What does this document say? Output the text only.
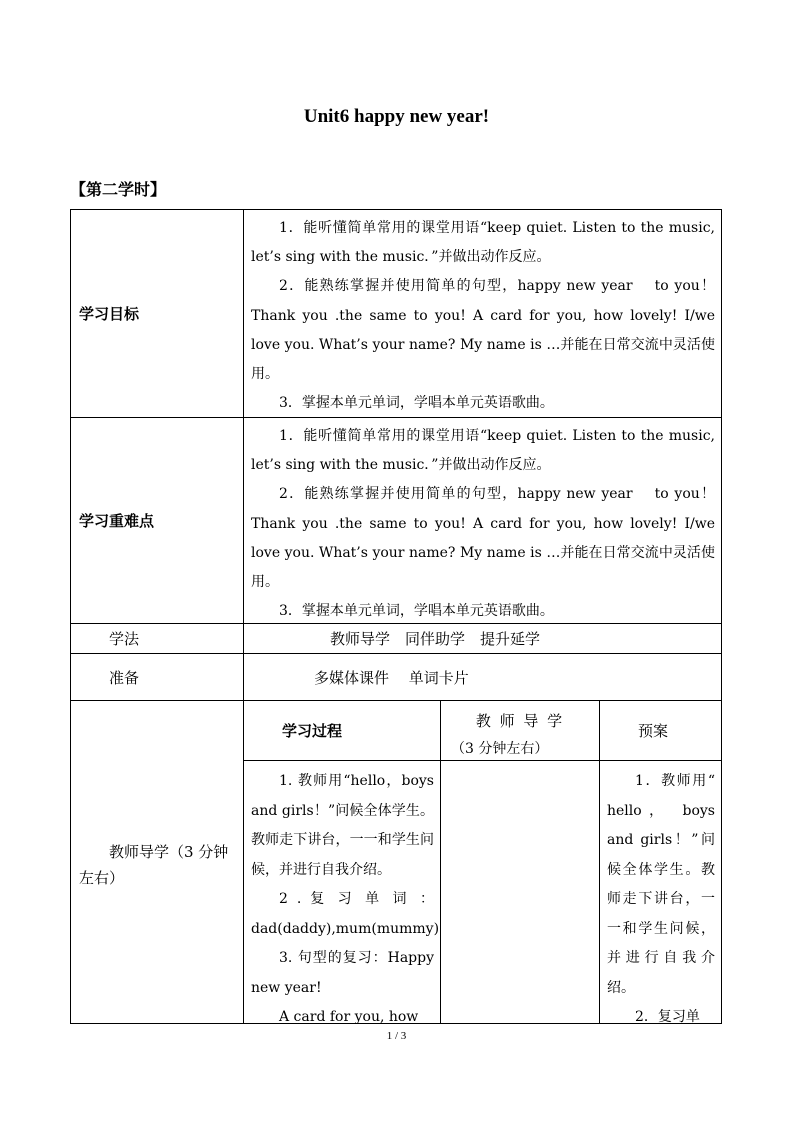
Unit6 happy new year!
【第二学时】
学习目标

1．能听懂简单常用的课堂用语“keep quiet. Listen to the music, let’s sing with the music．”并做出动作反应。

2．能熟练掌握并使用简单的句型，happy new year　 to you！Thank you .the same to you! A card for you, how lovely! I/we love you. What’s your name? My name is …并能在日常交流中灵活使用。

3．掌握本单元单词，学唱本单元英语歌曲。

学习重难点

1．能听懂简单常用的课堂用语“keep quiet. Listen to the music, let’s sing with the music．”并做出动作反应。

2．能熟练掌握并使用简单的句型，happy new year　 to you！Thank you .the same to you! A card for you, how lovely! I/we love you. What’s your name? My name is …并能在日常交流中灵活使用。

3．掌握本单元单词，学唱本单元英语歌曲。

学法	教师导学　同伴助学　提升延学
准备	多媒体课件　 单词卡片
学习过程
教 师 导 学
（3 分钟左右）
预案
教师导学（3 分钟左右）

1. 教师用“hello，boys and girls！”问候全体学生。教师走下讲台，一一和学生问候，并进行自我介绍。

2 . 复 习 单 词 ：dad(daddy),mum(mummy)

3. 句型的复习：Happy new year!

A card for you, how

1．教师用“ hello， boys and girls！”问候全体学生。教师走下讲台，一一和学生问候，并进行自我介绍。

2．复习单

1 / 3
